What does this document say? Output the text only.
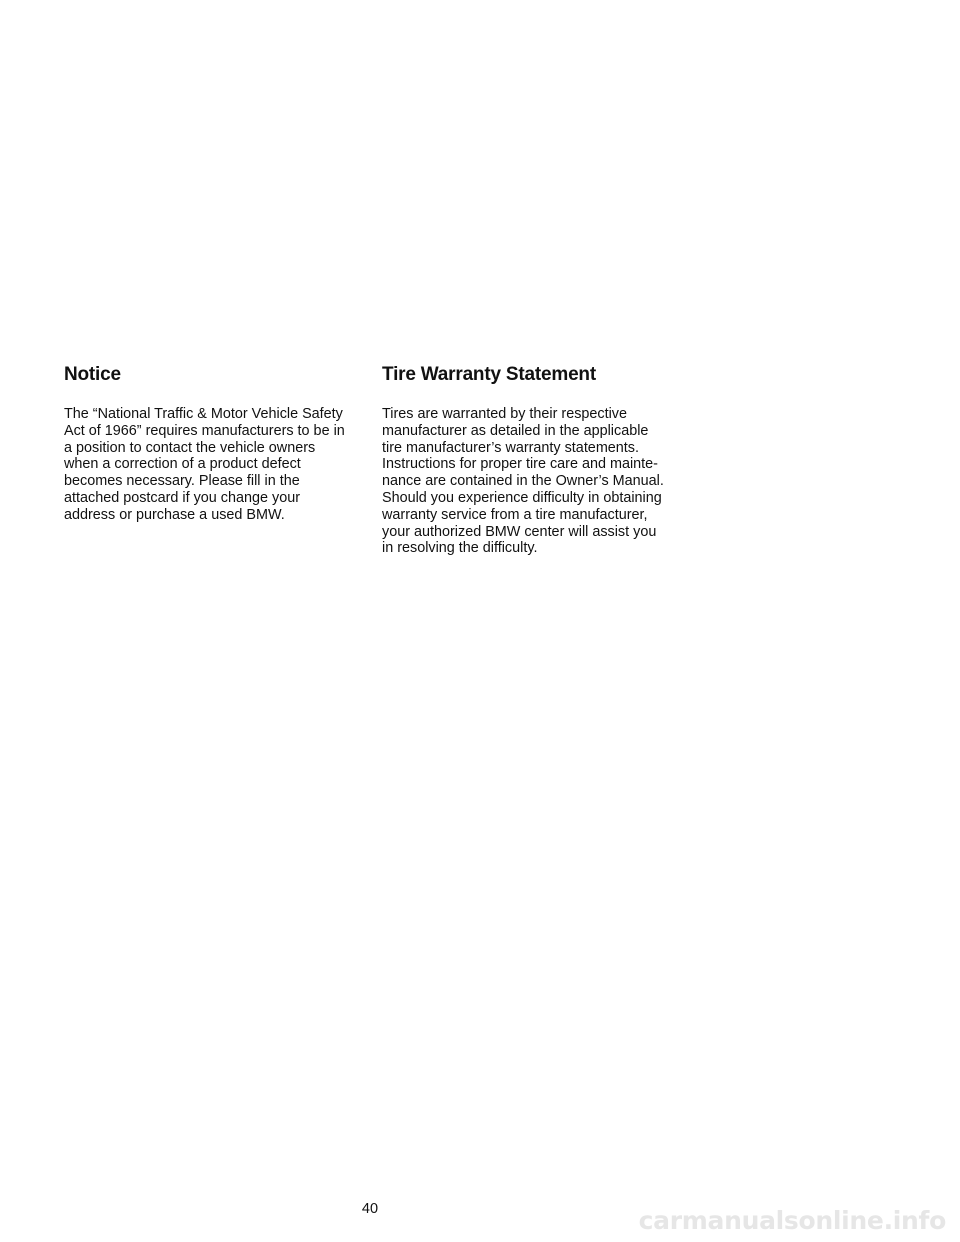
Notice
The “National Traffic & Motor Vehicle Safety
Act of 1966” requires manufacturers to be in
a position to contact the vehicle owners
when a correction of a product defect
becomes necessary. Please fill in the
attached postcard if you change your
address or purchase a used BMW.
Tire Warranty Statement
Tires are warranted by their respective
manufacturer as detailed in the applicable
tire manufacturer’s warranty statements.
Instructions for proper tire care and mainte-
nance are contained in the Owner’s Manual.
Should you experience difficulty in obtaining
warranty service from a tire manufacturer,
your authorized BMW center will assist you
in resolving the difficulty.
40	carmanualsonline.info
